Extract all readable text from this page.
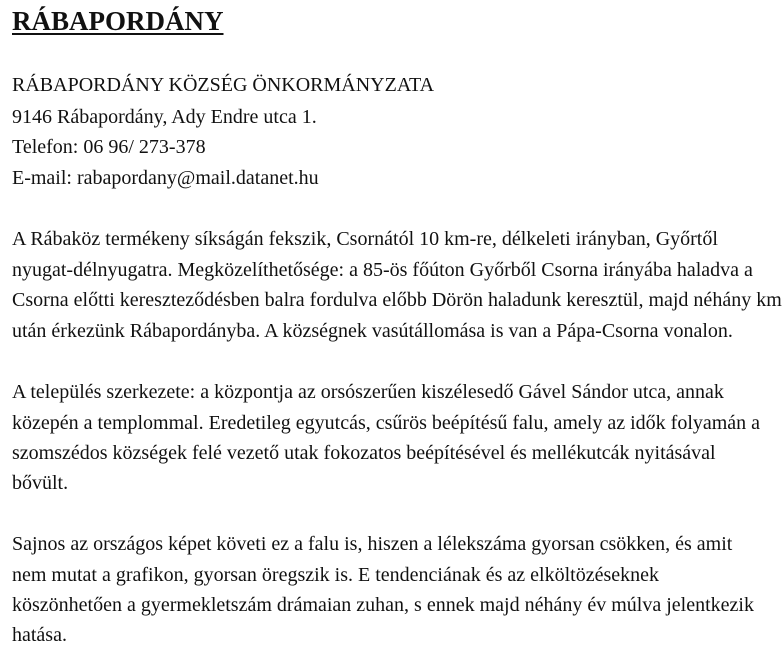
RÁBAPORDÁNY
RÁBAPORDÁNY KÖZSÉG ÖNKORMÁNYZATA
9146 Rábapordány, Ady Endre utca 1.
Telefon: 06 96/ 273-378
E-mail: rabapordany@mail.datanet.hu
A Rábaköz termékeny síkságán fekszik, Csornától 10 km-re, délkeleti irányban, Győrtől
nyugat-délnyugatra. Megközelíthetősége: a 85-ös főúton Győrből Csorna irányába haladva a
Csorna előtti kereszteződésben balra fordulva előbb Dörön haladunk keresztül, majd néhány km
után érkezünk Rábapordányba. A községnek vasútállomása is van a Pápa-Csorna vonalon.
A település szerkezete: a központja az orsószerűen kiszélesedő Gável Sándor utca, annak
közepén a templommal. Eredetileg egyutcás, csűrös beépítésű falu, amely az idők folyamán a
szomszédos községek felé vezető utak fokozatos beépítésével és mellékutcák nyitásával
bővült.
Sajnos az országos képet követi ez a falu is, hiszen a lélekszáma gyorsan csökken, és amit
nem mutat a grafikon, gyorsan öregszik is. E tendenciának és az elköltözéseknek
köszönhetően a gyermekletszám drámaian zuhan, s ennek majd néhány év múlva jelentkezik
hatása.
